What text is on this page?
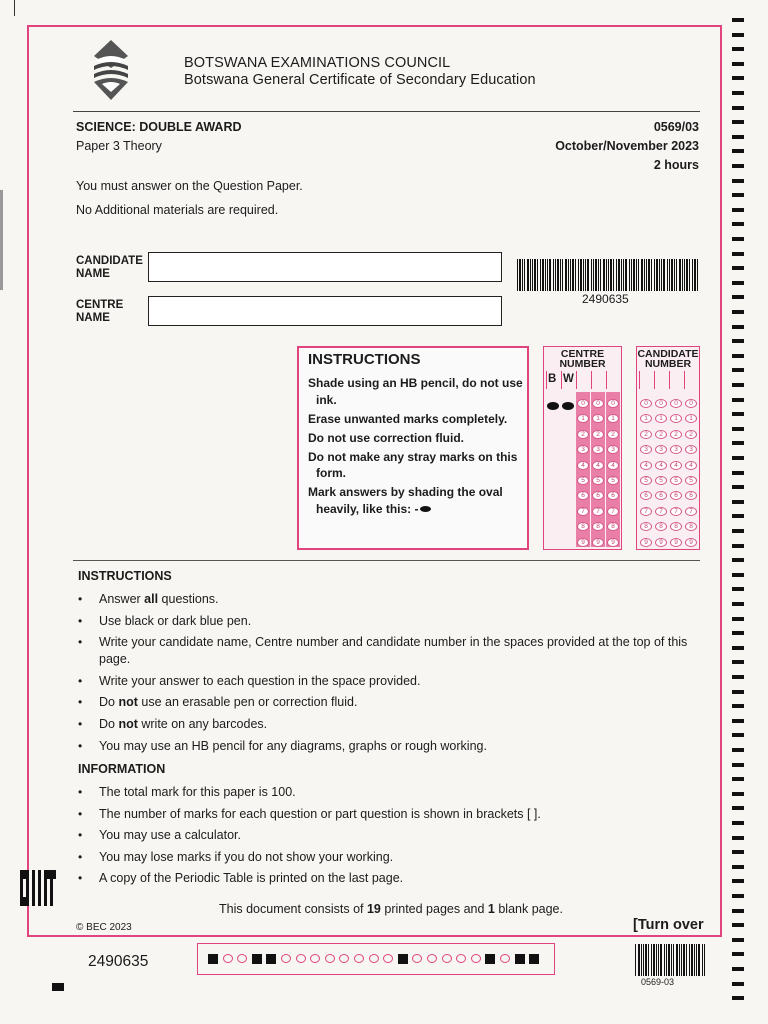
BOTSWANA EXAMINATIONS COUNCIL
Botswana General Certificate of Secondary Education
SCIENCE: DOUBLE AWARD
Paper 3 Theory
0569/03
October/November 2023
2 hours
You must answer on the Question Paper.
No Additional materials are required.
CANDIDATE
NAME
CENTRE
NAME
2490635
INSTRUCTIONS
Shade using an HB pencil, do not use ink.
Erase unwanted marks completely.
Do not use correction fluid.
Do not make any stray marks on this form.
Mark answers by shading the oval heavily, like this: -
CENTRE NUMBER
B W
0
1
2
3
4
5
6
7
8
9
0
1
2
3
4
5
6
7
8
9
0
1
2
3
4
5
6
7
8
9
CANDIDATE NUMBER
0
1
2
3
4
5
6
7
8
9
0
1
2
3
4
5
6
7
8
9
0
1
2
3
4
5
6
7
8
9
0
1
2
3
4
5
6
7
8
9
INSTRUCTIONS
• Answer all questions.
• Use black or dark blue pen.
• Write your candidate name, Centre number and candidate number in the spaces provided at the top of this page.
• Write your answer to each question in the space provided.
• Do not use an erasable pen or correction fluid.
• Do not write on any barcodes.
• You may use an HB pencil for any diagrams, graphs or rough working.
INFORMATION
• The total mark for this paper is 100.
• The number of marks for each question or part question is shown in brackets [ ].
• You may use a calculator.
• You may lose marks if you do not show your working.
• A copy of the Periodic Table is printed on the last page.
This document consists of 19 printed pages and 1 blank page.
© BEC 2023	[Turn over
2490635
0569-03
